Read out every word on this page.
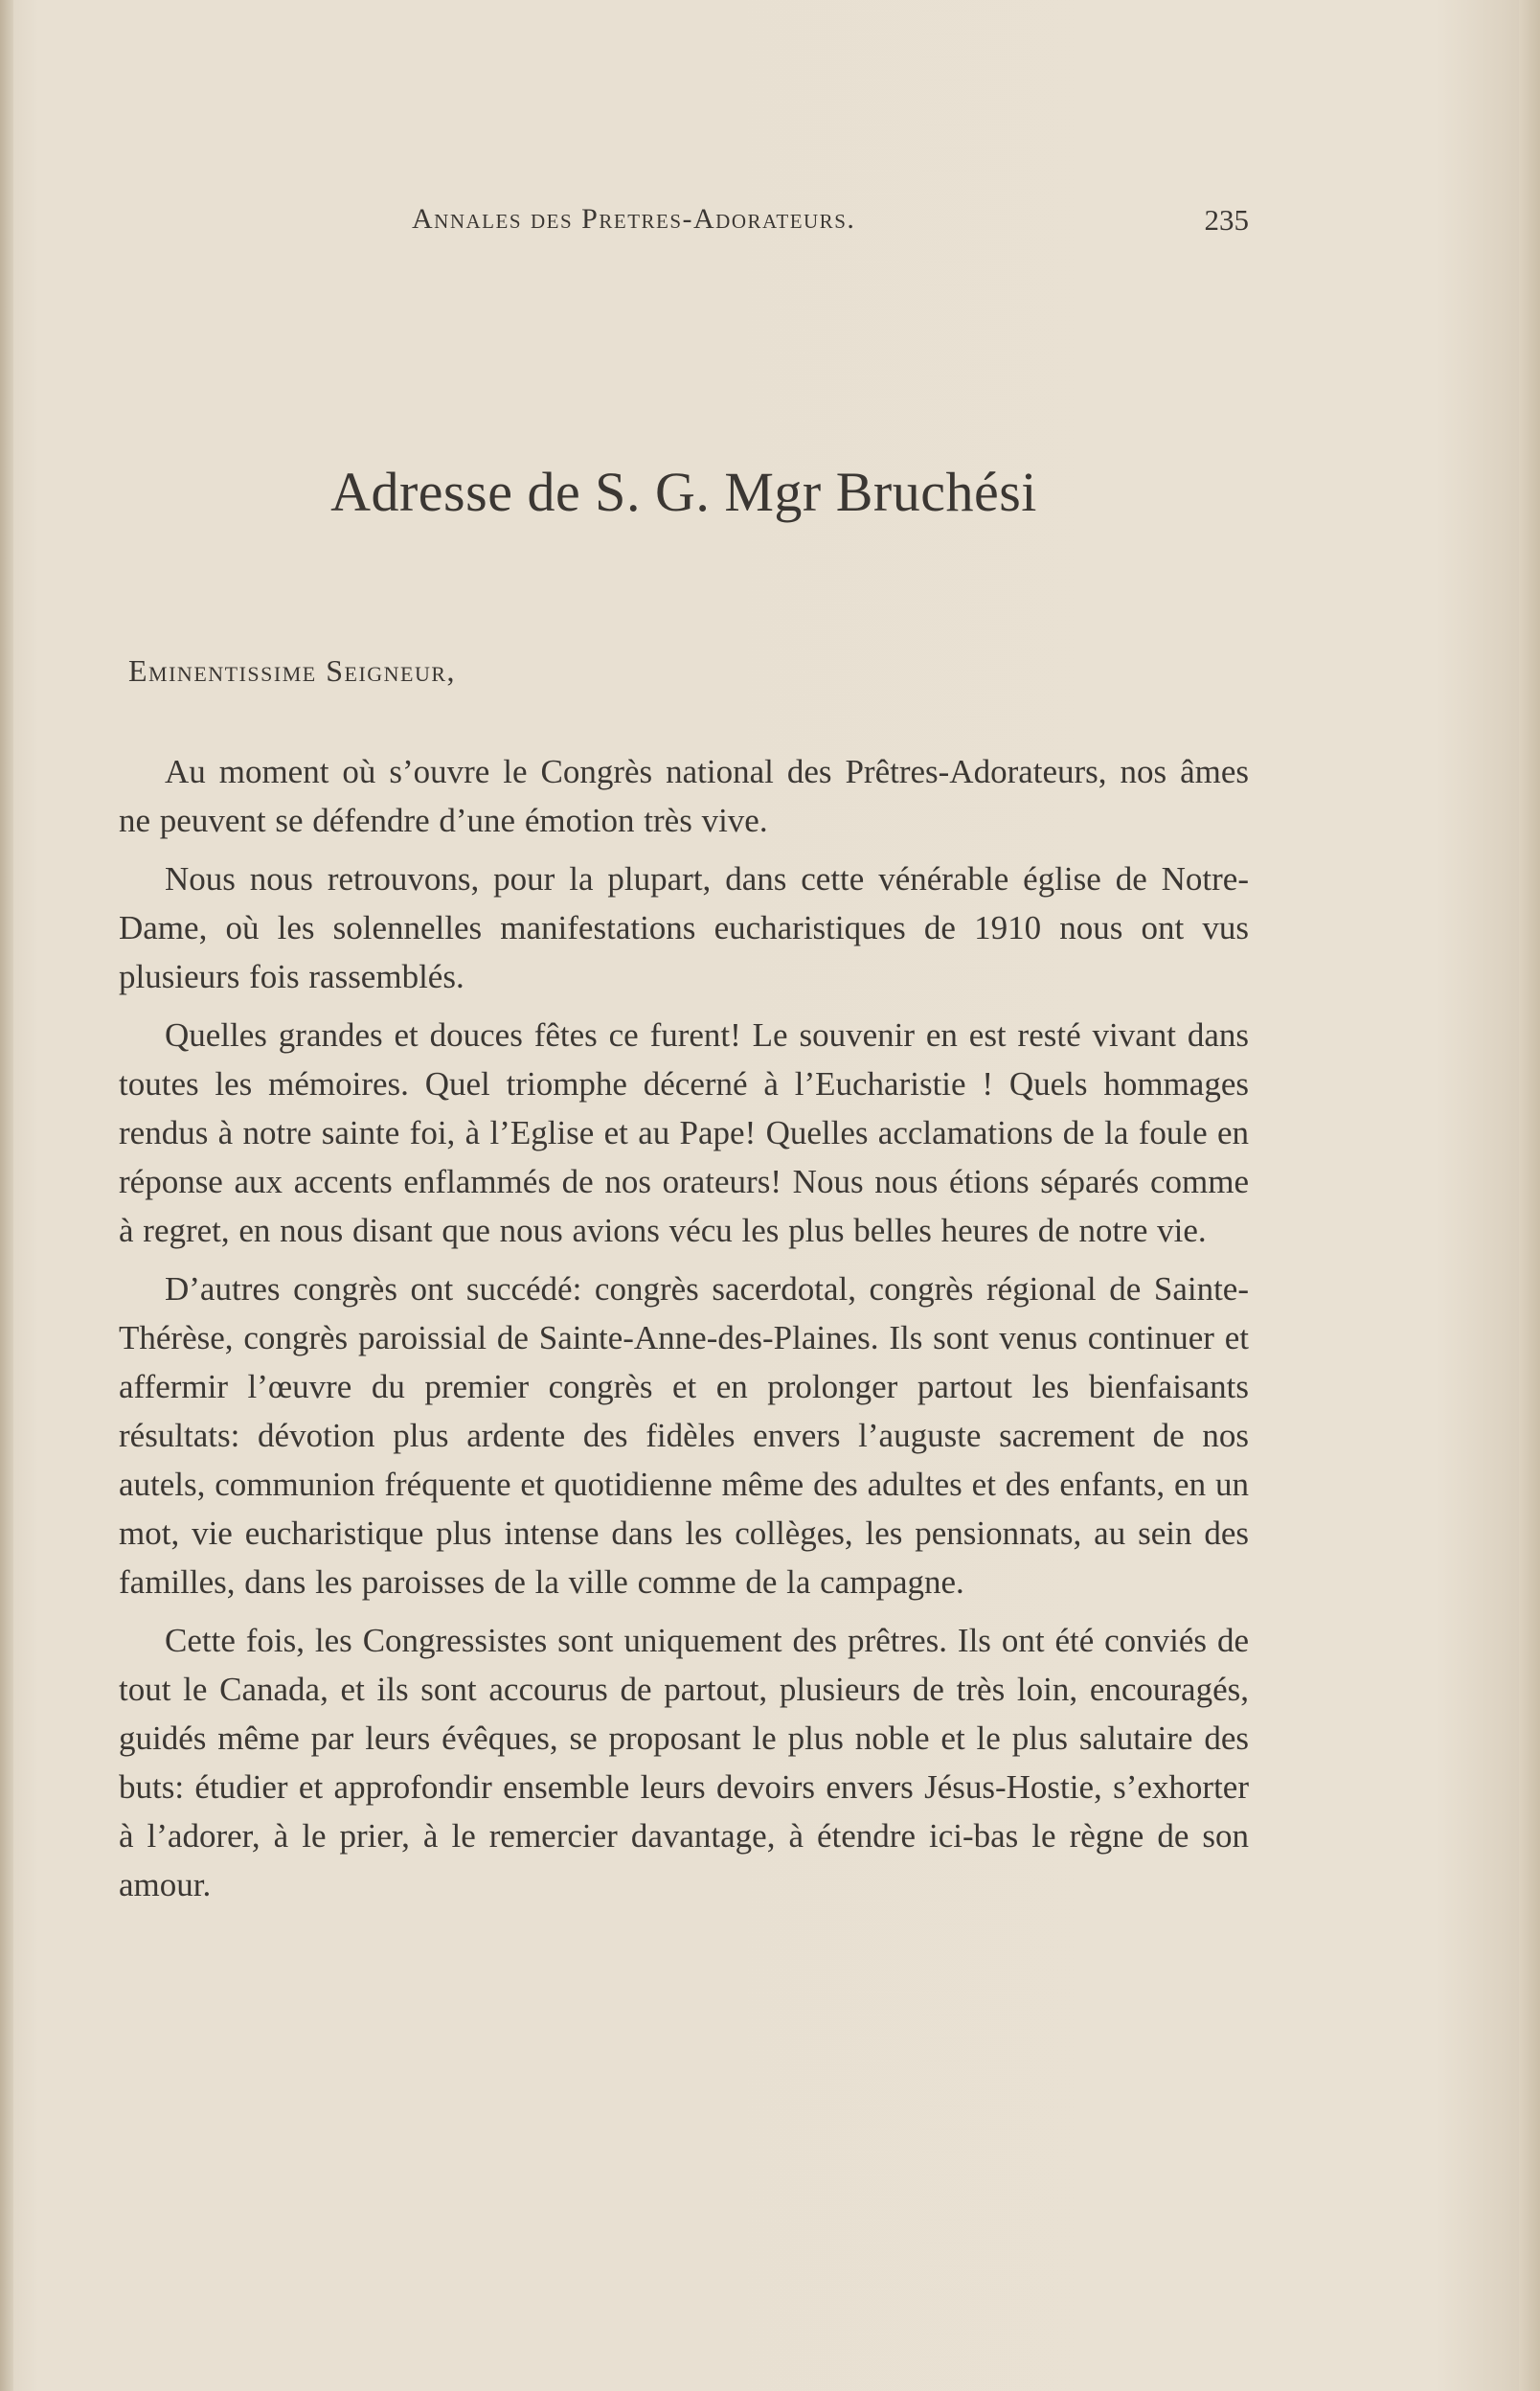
Annales des Pretres-Adorateurs.	235
Adresse de S. G. Mgr Bruchési

Eminentissime Seigneur,

Au moment où s’ouvre le Congrès national des Prêtres-Adorateurs, nos âmes ne peuvent se défendre d’une émotion très vive.

Nous nous retrouvons, pour la plupart, dans cette vénérable église de Notre-Dame, où les solennelles manifestations eucharistiques de 1910 nous ont vus plusieurs fois rassemblés.

Quelles grandes et douces fêtes ce furent! Le souvenir en est resté vivant dans toutes les mémoires. Quel triomphe décerné à l’Eucharistie ! Quels hommages rendus à notre sainte foi, à l’Eglise et au Pape! Quelles acclamations de la foule en réponse aux accents enflammés de nos orateurs! Nous nous étions séparés comme à regret, en nous disant que nous avions vécu les plus belles heures de notre vie.

D’autres congrès ont succédé: congrès sacerdotal, congrès régional de Sainte-Thérèse, congrès paroissial de Sainte-Anne-des-Plaines. Ils sont venus continuer et affermir l’œuvre du premier congrès et en prolonger partout les bienfaisants résultats: dévotion plus ardente des fidèles envers l’auguste sacrement de nos autels, communion fréquente et quotidienne même des adultes et des enfants, en un mot, vie eucharistique plus intense dans les collèges, les pensionnats, au sein des familles, dans les paroisses de la ville comme de la campagne.

Cette fois, les Congressistes sont uniquement des prêtres. Ils ont été conviés de tout le Canada, et ils sont accourus de partout, plusieurs de très loin, encouragés, guidés même par leurs évêques, se proposant le plus noble et le plus salutaire des buts: étudier et approfondir ensemble leurs devoirs envers Jésus-Hostie, s’exhorter à l’adorer, à le prier, à le remercier davantage, à étendre ici-bas le règne de son amour.
